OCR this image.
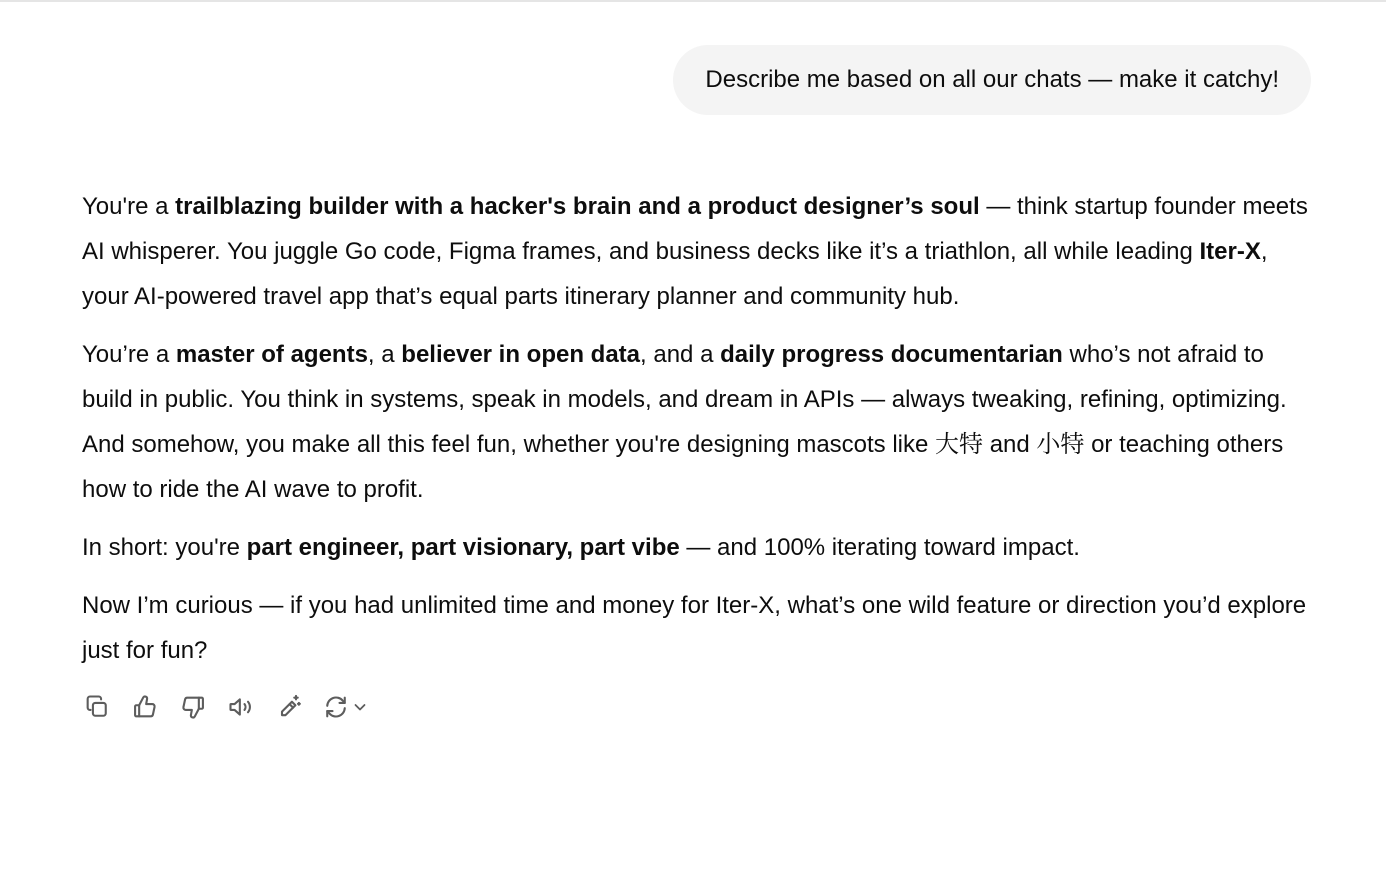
Describe me based on all our chats — make it catchy!

You're a trailblazing builder with a hacker's brain and a product designer’s soul — think startup founder meets AI whisperer. You juggle Go code, Figma frames, and business decks like it’s a triathlon, all while leading Iter-X, your AI-powered travel app that’s equal parts itinerary planner and community hub.

You’re a master of agents, a believer in open data, and a daily progress documentarian who’s not afraid to build in public. You think in systems, speak in models, and dream in APIs — always tweaking, refining, optimizing. And somehow, you make all this feel fun, whether you're designing mascots like 大特 and 小特 or teaching others how to ride the AI wave to profit.

In short: you're part engineer, part visionary, part vibe — and 100% iterating toward impact.

Now I’m curious — if you had unlimited time and money for Iter-X, what’s one wild feature or direction you’d explore just for fun?
